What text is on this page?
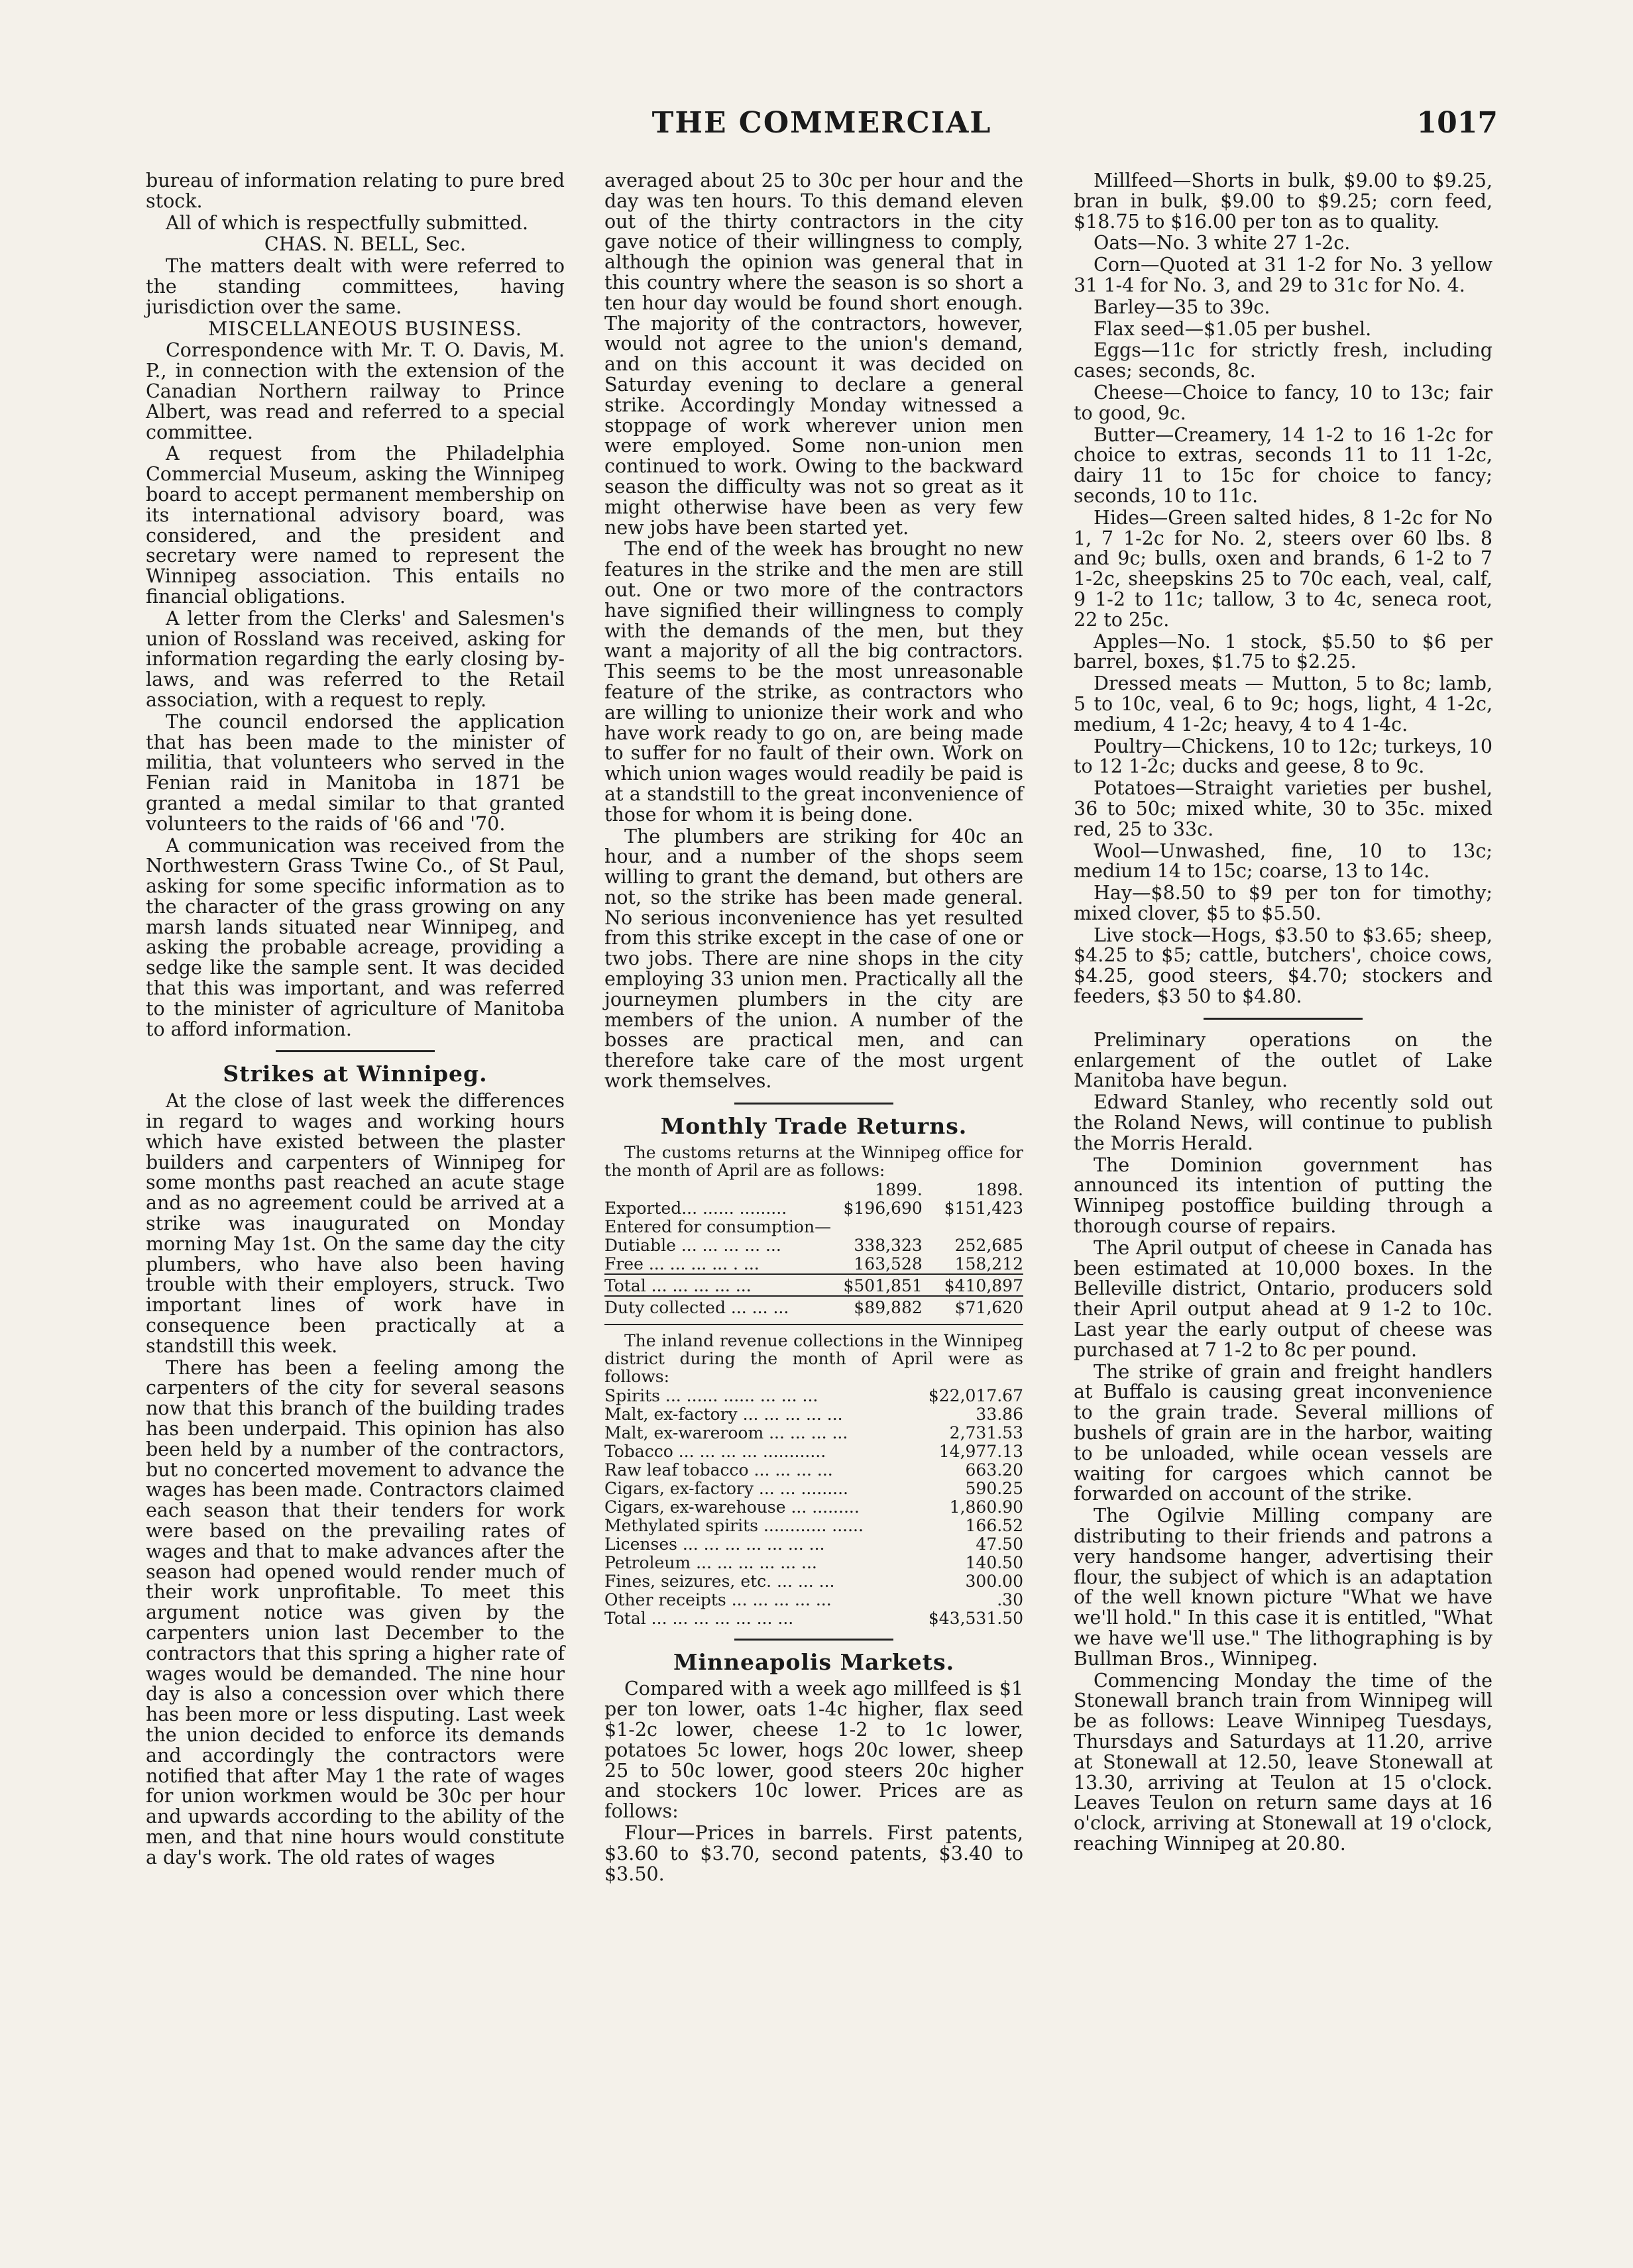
THE COMMERCIAL	1017

bureau of information relating to pure bred stock.

All of which is respectfully submitted.

CHAS. N. BELL, Sec.

The matters dealt with were referred to the standing committees, having jurisdiction over the same.

MISCELLANEOUS BUSINESS.

Correspondence with Mr. T. O. Davis, M. P., in connection with the extension of the Canadian Northern railway to Prince Albert, was read and referred to a special committee.

A request from the Philadelphia Commercial Museum, asking the Winnipeg board to accept permanent membership on its international advisory board, was considered, and the president and secretary were named to represent the Winnipeg association. This entails no financial obligations.

A letter from the Clerks' and Salesmen's union of Rossland was received, asking for information regarding the early closing by-laws, and was referred to the Retail association, with a request to reply.

The council endorsed the application that has been made to the minister of militia, that volunteers who served in the Fenian raid in Manitoba in 1871 be granted a medal similar to that granted volunteers to the raids of '66 and '70.

A communication was received from the Northwestern Grass Twine Co., of St Paul, asking for some specific information as to the character of the grass growing on any marsh lands situated near Winnipeg, and asking the probable acreage, providing a sedge like the sample sent. It was decided that this was important, and was referred to the minister of agriculture of Manitoba to afford information.

Strikes at Winnipeg.

At the close of last week the differences in regard to wages and working hours which have existed between the plaster builders and carpenters of Winnipeg for some months past reached an acute stage and as no agreement could be arrived at a strike was inaugurated on Monday morning May 1st. On the same day the city plumbers, who have also been having trouble with their employers, struck. Two important lines of work have in consequence been practically at a standstill this week.

There has been a feeling among the carpenters of the city for several seasons now that this branch of the building trades has been underpaid. This opinion has also been held by a number of the contractors, but no concerted movement to advance the wages has been made. Contractors claimed each season that their tenders for work were based on the prevailing rates of wages and that to make advances after the season had opened would render much of their work unprofitable. To meet this argument notice was given by the carpenters union last December to the contractors that this spring a higher rate of wages would be demanded. The nine hour day is also a concession over which there has been more or less disputing. Last week the union decided to enforce its demands and accordingly the contractors were notified that after May 1 the rate of wages for union workmen would be 30c per hour and upwards according to the ability of the men, and that nine hours would constitute a day's work. The old rates of wages

averaged about 25 to 30c per hour and the day was ten hours. To this demand eleven out of the thirty contractors in the city gave notice of their willingness to comply, although the opinion was general that in this country where the season is so short a ten hour day would be found short enough. The majority of the contractors, however, would not agree to the union's demand, and on this account it was decided on Saturday evening to declare a general strike. Accordingly Monday witnessed a stoppage of work wherever union men were employed. Some non-union men continued to work. Owing to the backward season the difficulty was not so great as it might otherwise have been as very few new jobs have been started yet.

The end of the week has brought no new features in the strike and the men are still out. One or two more of the contractors have signified their willingness to comply with the demands of the men, but they want a majority of all the big contractors. This seems to be the most unreasonable feature of the strike, as contractors who are willing to unionize their work and who have work ready to go on, are being made to suffer for no fault of their own. Work on which union wages would readily be paid is at a standstill to the great inconvenience of those for whom it is being done.

The plumbers are striking for 40c an hour, and a number of the shops seem willing to grant the demand, but others are not, so the strike has been made general. No serious inconvenience has yet resulted from this strike except in the case of one or two jobs. There are nine shops in the city employing 33 union men. Practically all the journeymen plumbers in the city are members of the union. A number of the bosses are practical men, and can therefore take care of the most urgent work themselves.

Monthly Trade Returns.

The customs returns at the Winnipeg office for the month of April are as follows:

	1899.	1898.
Exported... ...... .........	$196,690	$151,423
Entered for consumption—		
Dutiable ... ... ... ... ...	338,323	252,685
Free ... ... ... ... . ...	163,528	158,212
Total ... ... ... ... ...	$501,851	$410,897
Duty collected ... ... ...	$89,882	$71,620

The inland revenue collections in the Winnipeg district during the month of April were as follows:

Spirits ... ...... ...... ... ... ...	$22,017.67
Malt, ex-factory ... ... ... ... ...	33.86
Malt, ex-wareroom ... ... ... ...	2,731.53
Tobacco ... ... ... ... ............	14,977.13
Raw leaf tobacco ... ... ... ...	663.20
Cigars, ex-factory ... ... .........	590.25
Cigars, ex-warehouse ... .........	1,860.90
Methylated spirits ............ ......	166.52
Licenses ... ... ... ... ... ... ...	47.50
Petroleum ... ... ... ... ... ...	140.50
Fines, seizures, etc. ... ... ...	300.00
Other receipts ... ... ... ... ...	.30
Total ... ... ... ... ... ... ...	$43,531.50
Minneapolis Markets.

Compared with a week ago millfeed is $1 per ton lower, oats 1-4c higher, flax seed $1-2c lower, cheese 1-2 to 1c lower, potatoes 5c lower, hogs 20c lower, sheep 25 to 50c lower, good steers 20c higher and stockers 10c lower. Prices are as follows:

Flour—Prices in barrels. First patents, $3.60 to $3.70, second patents, $3.40 to $3.50.

Millfeed—Shorts in bulk, $9.00 to $9.25, bran in bulk, $9.00 to $9.25; corn feed, $18.75 to $16.00 per ton as to quality.

Oats—No. 3 white 27 1-2c.

Corn—Quoted at 31 1-2 for No. 3 yellow 31 1-4 for No. 3, and 29 to 31c for No. 4.

Barley—35 to 39c.

Flax seed—$1.05 per bushel.

Eggs—11c for strictly fresh, including cases; seconds, 8c.

Cheese—Choice to fancy, 10 to 13c; fair to good, 9c.

Butter—Creamery, 14 1-2 to 16 1-2c for choice to extras, seconds 11 to 11 1-2c, dairy 11 to 15c for choice to fancy; seconds, 10 to 11c.

Hides—Green salted hides, 8 1-2c for No 1, 7 1-2c for No. 2, steers over 60 lbs. 8 and 9c; bulls, oxen and brands, 6 1-2 to 7 1-2c, sheepskins 25 to 70c each, veal, calf, 9 1-2 to 11c; tallow, 3 to 4c, seneca root, 22 to 25c.

Apples—No. 1 stock, $5.50 to $6 per barrel, boxes, $1.75 to $2.25.

Dressed meats — Mutton, 5 to 8c; lamb, 5 to 10c, veal, 6 to 9c; hogs, light, 4 1-2c, medium, 4 1-2c; heavy, 4 to 4 1-4c.

Poultry—Chickens, 10 to 12c; turkeys, 10 to 12 1-2c; ducks and geese, 8 to 9c.

Potatoes—Straight varieties per bushel, 36 to 50c; mixed white, 30 to 35c. mixed red, 25 to 33c.

Wool—Unwashed, fine, 10 to 13c; medium 14 to 15c; coarse, 13 to 14c.

Hay—$8.50 to $9 per ton for timothy; mixed clover, $5 to $5.50.

Live stock—Hogs, $3.50 to $3.65; sheep, $4.25 to $5; cattle, butchers', choice cows, $4.25, good steers, $4.70; stockers and feeders, $3 50 to $4.80.

Preliminary operations on the enlargement of the outlet of Lake Manitoba have begun.

Edward Stanley, who recently sold out the Roland News, will continue to publish the Morris Herald.

The Dominion government has announced its intention of putting the Winnipeg postoffice building through a thorough course of repairs.

The April output of cheese in Canada has been estimated at 10,000 boxes. In the Belleville district, Ontario, producers sold their April output ahead at 9 1-2 to 10c. Last year the early output of cheese was purchased at 7 1-2 to 8c per pound.

The strike of grain and freight handlers at Buffalo is causing great inconvenience to the grain trade. Several millions of bushels of grain are in the harbor, waiting to be unloaded, while ocean vessels are waiting for cargoes which cannot be forwarded on account of the strike.

The Ogilvie Milling company are distributing to their friends and patrons a very handsome hanger, advertising their flour, the subject of which is an adaptation of the well known picture "What we have we'll hold." In this case it is entitled, "What we have we'll use." The lithographing is by Bullman Bros., Winnipeg.

Commencing Monday the time of the Stonewall branch train from Winnipeg will be as follows: Leave Winnipeg Tuesdays, Thursdays and Saturdays at 11.20, arrive at Stonewall at 12.50, leave Stonewall at 13.30, arriving at Teulon at 15 o'clock. Leaves Teulon on return same days at 16 o'clock, arriving at Stonewall at 19 o'clock, reaching Winnipeg at 20.80.
